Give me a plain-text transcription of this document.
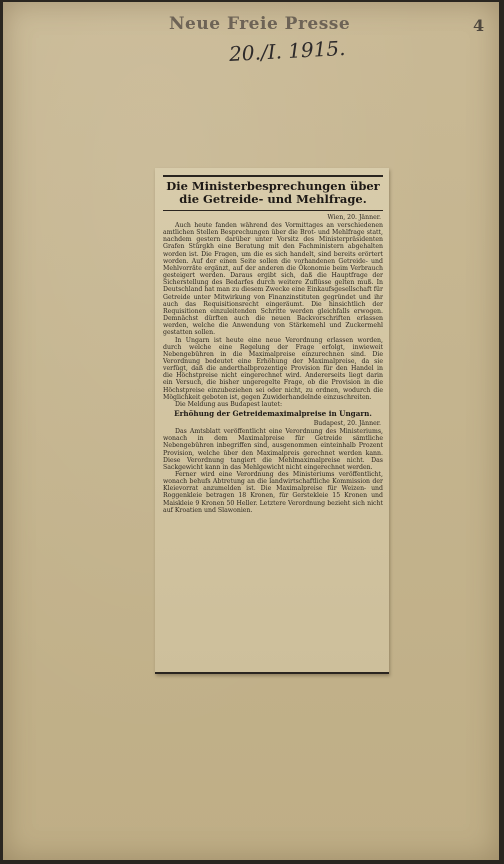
Neue Freie Presse	4
20./I. 1915.
Die Ministerbesprechungen über die Getreide- und Mehlfrage.
Wien, 20. Jänner.

Auch heute fanden während des Vormittages an verschiedenen amtlichen Stellen Besprechungen über die Brot- und Mehlfrage statt, nachdem gestern darüber unter Vorsitz des Ministerpräsidenten Grafen Stürgkh eine Beratung mit den Fachministern abgehalten worden ist. Die Fragen, um die es sich handelt, sind bereits erörtert worden. Auf der einen Seite sollen die vorhandenen Getreide- und Mehlvorräte ergänzt, auf der anderen die Ökonomie beim Verbrauch gesteigert werden. Daraus ergibt sich, daß die Hauptfrage der Sicherstellung des Bedarfes durch weitere Zuflüsse gelten muß. In Deutschland hat man zu diesem Zwecke eine Einkaufsgesellschaft für Getreide unter Mitwirkung von Finanzinstituten gegründet und ihr auch das Requisitionsrecht eingeräumt. Die hinsichtlich der Requisitionen einzuleitenden Schritte werden gleichfalls erwogen. Demnächst dürften auch die neuen Backvorschriften erlassen werden, welche die Anwendung von Stärkemehl und Zuckermehl gestatten sollen.

In Ungarn ist heute eine neue Verordnung erlassen worden, durch welche eine Regelung der Frage erfolgt, inwieweit Nebengebühren in die Maximalpreise einzurechnen sind. Die Verordnung bedeutet eine Erhöhung der Maximalpreise, da sie verfügt, daß die anderthalbprozentige Provision für den Handel in die Höchstpreise nicht eingerechnet wird. Andererseits liegt darin ein Versuch, die bisher ungeregelte Frage, ob die Provision in die Höchstpreise einzubeziehen sei oder nicht, zu ordnen, wodurch die Möglichkeit geboten ist, gegen Zuwiderhandelnde einzuschreiten.

Die Meldung aus Budapest lautet:

Erhöhung der Getreidemaximalpreise in Ungarn.
Budapest, 20. Jänner.

Das Amtsblatt veröffentlicht eine Verordnung des Ministeriums, wonach in dem Maximalpreise für Getreide sämtliche Nebengebühren inbegriffen sind, ausgenommen einteinhalb Prozent Provision, welche über den Maximalpreis gerechnet werden kann. Diese Verordnung tangiert die Mehlmaximalpreise nicht. Das Sackgewicht kann in das Mehlgewicht nicht eingerechnet werden.

Ferner wird eine Verordnung des Ministeriums veröffentlicht, wonach behufs Abtretung an die landwirtschaftliche Kommission der Kleievorrat anzumelden ist. Die Maximalpreise für Weizen- und Roggenkleie betragen 18 Kronen, für Gerstekleie 15 Kronen und Maiskleie 9 Kronen 50 Heller. Letztere Verordnung bezieht sich nicht auf Kroatien und Slawonien.
